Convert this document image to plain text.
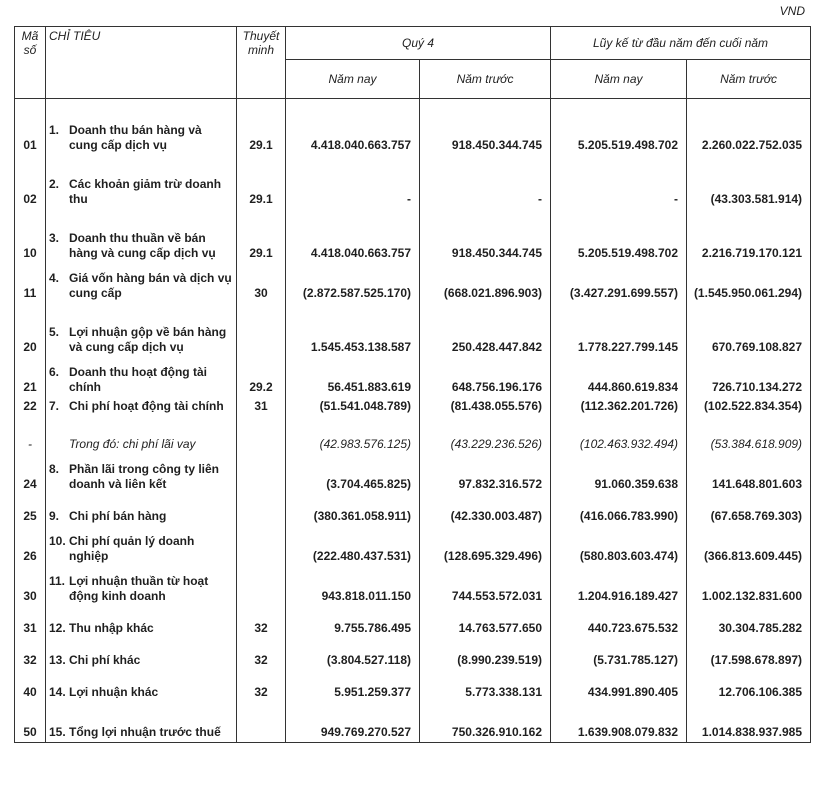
VND
Mã số	CHỈ TIÊU	Thuyết minh	Quý 4		Lũy kế từ đầu năm đến cuối năm	
			Năm nay	Năm trước	Năm nay	Năm trước

01	1. Doanh thu bán hàng và cung cấp dịch vụ	29.1	4.418.040.663.757	918.450.344.745	5.205.519.498.702	2.260.022.752.035
02	2. Các khoản giảm trừ doanh thu	29.1	-	-	-	(43.303.581.914)
10	3. Doanh thu thuần về bán hàng và cung cấp dịch vụ	29.1	4.418.040.663.757	918.450.344.745	5.205.519.498.702	2.216.719.170.121
11	4. Giá vốn hàng bán và dịch vụ cung cấp	30	(2.872.587.525.170)	(668.021.896.903)	(3.427.291.699.557)	(1.545.950.061.294)
20	5. Lợi nhuận gộp về bán hàng và cung cấp dịch vụ		1.545.453.138.587	250.428.447.842	1.778.227.799.145	670.769.108.827
21	6. Doanh thu hoạt động tài chính	29.2	56.451.883.619	648.756.196.176	444.860.619.834	726.710.134.272
22	7. Chi phí hoạt động tài chính	31	(51.541.048.789)	(81.438.055.576)	(112.362.201.726)	(102.522.834.354)
-	Trong đó: chi phí lãi vay		(42.983.576.125)	(43.229.236.526)	(102.463.932.494)	(53.384.618.909)
24	8. Phần lãi trong công ty liên doanh và liên kết		(3.704.465.825)	97.832.316.572	91.060.359.638	141.648.801.603
25	9. Chi phí bán hàng		(380.361.058.911)	(42.330.003.487)	(416.066.783.990)	(67.658.769.303)
26	10. Chi phí quản lý doanh nghiệp		(222.480.437.531)	(128.695.329.496)	(580.803.603.474)	(366.813.609.445)
30	11. Lợi nhuận thuần từ hoạt động kinh doanh		943.818.011.150	744.553.572.031	1.204.916.189.427	1.002.132.831.600
31	12. Thu nhập khác	32	9.755.786.495	14.763.577.650	440.723.675.532	30.304.785.282
32	13. Chi phí khác	32	(3.804.527.118)	(8.990.239.519)	(5.731.785.127)	(17.598.678.897)
40	14. Lợi nhuận khác	32	5.951.259.377	5.773.338.131	434.991.890.405	12.706.106.385
50	15. Tổng lợi nhuận trước thuế		949.769.270.527	750.326.910.162	1.639.908.079.832	1.014.838.937.985
